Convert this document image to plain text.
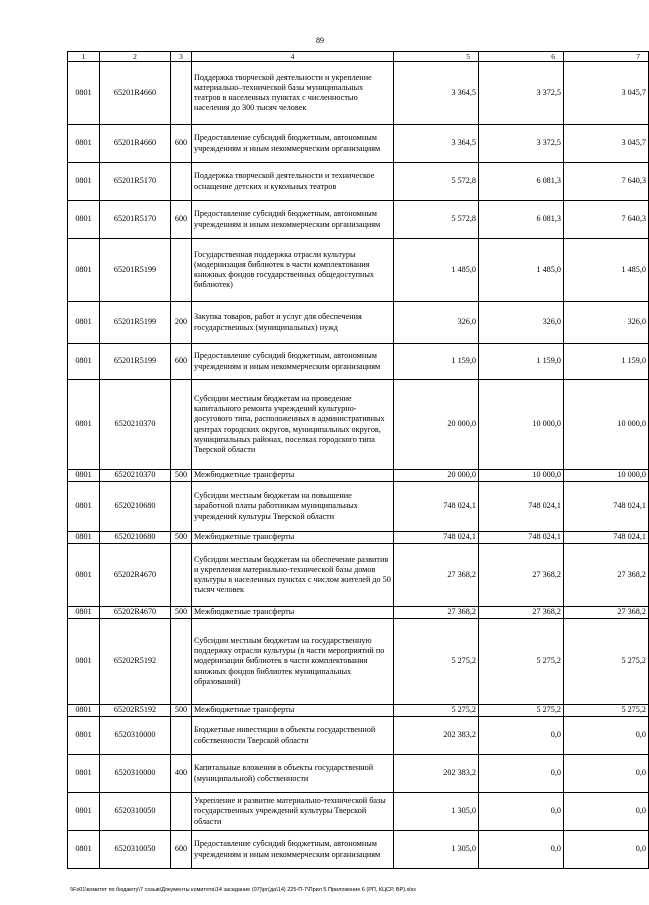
89
1	2	3	4	5	6	7
0801	65201R4660		Поддержка творческой деятельности и укрепление материально–технической базы муниципальных театров в населенных пунктах с численностью населения до 300 тысяч человек	3 364,5	3 372,5	3 045,7
0801	65201R4660	600	Предоставление субсидий бюджетным, автономным учреждениям и иным некоммерческим организациям	3 364,5	3 372,5	3 045,7
0801	65201R5170		Поддержка творческой деятельности и техническое оснащение детских и кукольных театров	5 572,8	6 081,3	7 640,3
0801	65201R5170	600	Предоставление субсидий бюджетным, автономным учреждениям и иным некоммерческим организациям	5 572,8	6 081,3	7 640,3
0801	65201R5199		Государственная поддержка отрасли культуры (модернизация библиотек в части комплектования книжных фондов государственных общедоступных библиотек)	1 485,0	1 485,0	1 485,0
0801	65201R5199	200	Закупка товаров, работ и услуг для обеспечения государственных (муниципальных) нужд	326,0	326,0	326,0
0801	65201R5199	600	Предоставление субсидий бюджетным, автономным учреждениям и иным некоммерческим организациям	1 159,0	1 159,0	1 159,0
0801	6520210370		Субсидии местным бюджетам на проведение капитального ремонта учреждений культурно-досугового типа, расположенных в административных центрах городских округов, муниципальных округов, муниципальных районах, поселках городского типа Тверской области	20 000,0	10 000,0	10 000,0
0801	6520210370	500	Межбюджетные трансферты	20 000,0	10 000,0	10 000,0
0801	6520210680		Субсидии местным бюджетам на повышение заработной платы работникам муниципальных учреждений культуры Тверской области	748 024,1	748 024,1	748 024,1
0801	6520210680	500	Межбюджетные трансферты	748 024,1	748 024,1	748 024,1
0801	65202R4670		Субсидии местным бюджетам на обеспечение развития и укрепления материально-технической базы домов культуры в населенных пунктах с числом жителей до 50 тысяч человек	27 368,2	27 368,2	27 368,2
0801	65202R4670	500	Межбюджетные трансферты	27 368,2	27 368,2	27 368,2
0801	65202R5192		Субсидии местным бюджетам на государственную поддержку отрасли культуры (в части мероприятий по модернизации библиотек в части комплектования книжных фондов библиотек муниципальных образований)	5 275,2	5 275,2	5 275,2
0801	65202R5192	500	Межбюджетные трансферты	5 275,2	5 275,2	5 275,2
0801	6520310000		Бюджетные инвестиции в объекты государственной собственности Тверской области	202 383,2	0,0	0,0
0801	6520310000	400	Капитальные вложения в объекты государственной (муниципальной) собственности	202 383,2	0,0	0,0
0801	6520310050		Укрепление и развитие материально-технической базы государственных учреждений культуры Тверской области	1 305,0	0,0	0,0
0801	6520310050	600	Предоставление субсидий бюджетным, автономным учреждениям и иным некоммерческим организациям	1 305,0	0,0	0,0
\\Fs01\комитет по бюджету\7 созыв\Документы комитета\14 заседание (07)\рг(да\14) 225-П-7\Прил 5 Приложение 6 (РП, КЦСР, ВР).xlsx
